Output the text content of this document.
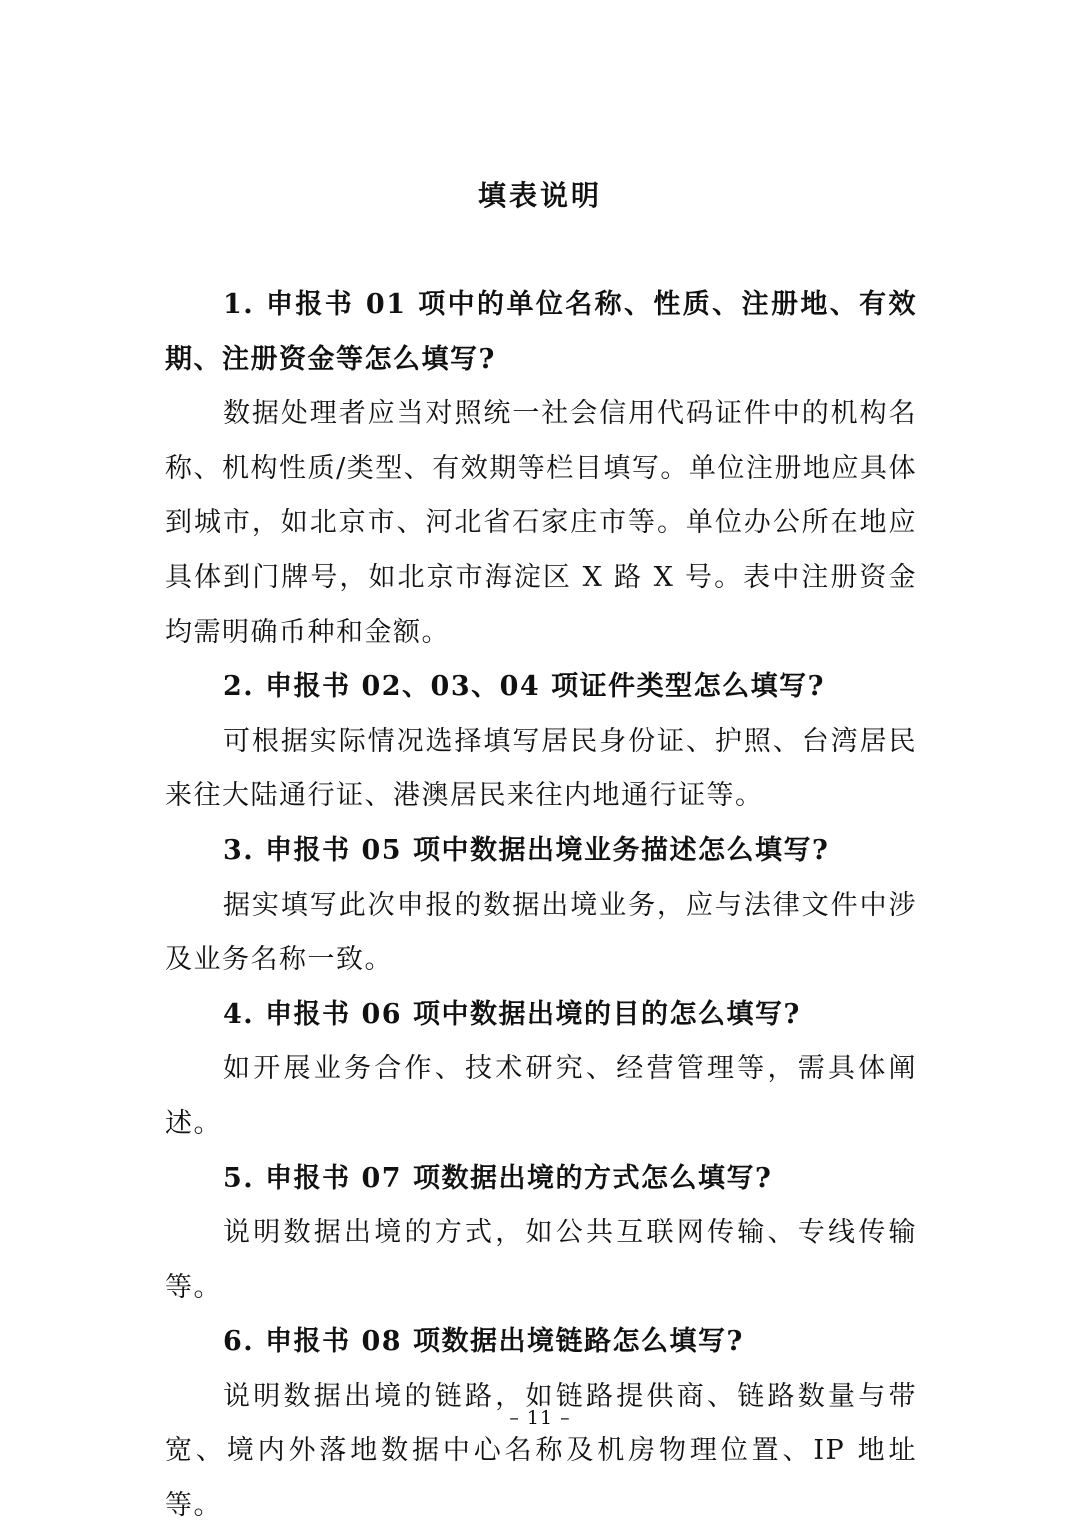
填表说明

1. 申报书 01 项中的单位名称、性质、注册地、有效期、注册资金等怎么填写?

数据处理者应当对照统一社会信用代码证件中的机构名称、机构性质/类型、有效期等栏目填写。单位注册地应具体到城市，如北京市、河北省石家庄市等。单位办公所在地应具体到门牌号，如北京市海淀区 X 路 X 号。表中注册资金均需明确币种和金额。

2. 申报书 02、03、04 项证件类型怎么填写?

可根据实际情况选择填写居民身份证、护照、台湾居民来往大陆通行证、港澳居民来往内地通行证等。

3. 申报书 05 项中数据出境业务描述怎么填写?

据实填写此次申报的数据出境业务，应与法律文件中涉及业务名称一致。

4. 申报书 06 项中数据出境的目的怎么填写?

如开展业务合作、技术研究、经营管理等，需具体阐述。

5. 申报书 07 项数据出境的方式怎么填写?

说明数据出境的方式，如公共互联网传输、专线传输等。

6. 申报书 08 项数据出境链路怎么填写?

说明数据出境的链路，如链路提供商、链路数量与带宽、境内外落地数据中心名称及机房物理位置、IP 地址等。

– 11 –
